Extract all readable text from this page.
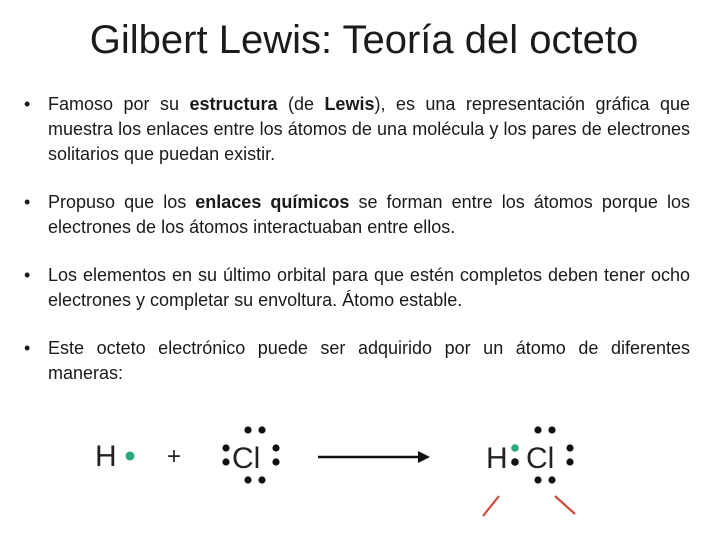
Gilbert Lewis: Teoría del octeto
• Famoso por su estructura (de Lewis), es una representación gráfica que muestra los enlaces entre los átomos de una molécula y los pares de electrones solitarios que puedan existir.
• Propuso que los enlaces químicos se forman entre los átomos porque los electrones de los átomos interactuaban entre ellos.
• Los elementos en su último orbital para que estén completos deben tener ocho electrones y completar su envoltura. Átomo estable.
• Este octeto electrónico puede ser adquirido por un átomo de diferentes maneras:
H + Cl	H Cl
